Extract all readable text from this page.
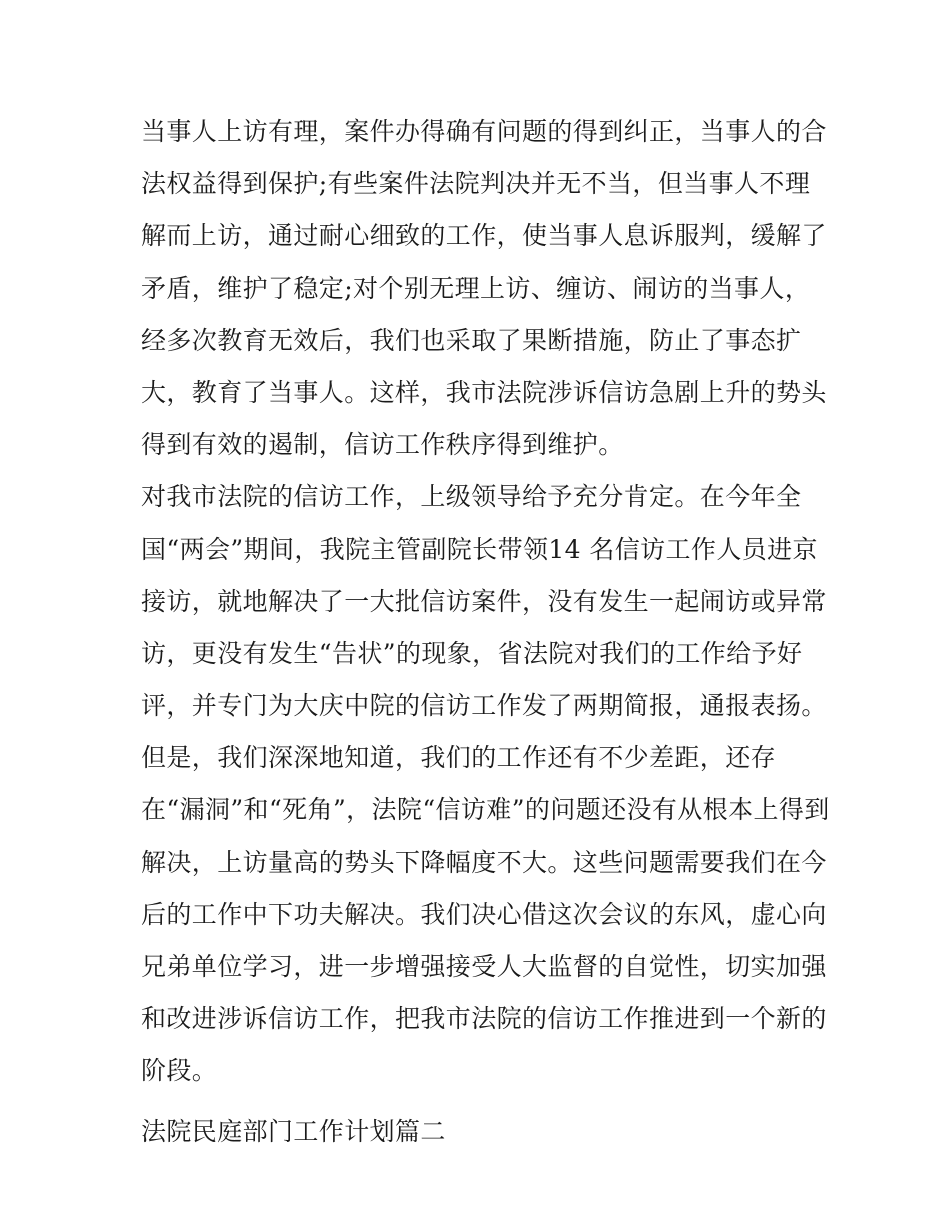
当事人上访有理，案件办得确有问题的得到纠正，当事人的合
法权益得到保护;有些案件法院判决并无不当，但当事人不理
解而上访，通过耐心细致的工作，使当事人息诉服判，缓解了
矛盾，维护了稳定;对个别无理上访、缠访、闹访的当事人，
经多次教育无效后，我们也采取了果断措施，防止了事态扩
大，教育了当事人。这样，我市法院涉诉信访急剧上升的势头
得到有效的遏制，信访工作秩序得到维护。
对我市法院的信访工作，上级领导给予充分肯定。在今年全
国“两会”期间，我院主管副院长带领14 名信访工作人员进京
接访，就地解决了一大批信访案件，没有发生一起闹访或异常
访，更没有发生“告状”的现象，省法院对我们的工作给予好
评，并专门为大庆中院的信访工作发了两期简报，通报表扬。
但是，我们深深地知道，我们的工作还有不少差距，还存
在“漏洞”和“死角”，法院“信访难”的问题还没有从根本上得到
解决，上访量高的势头下降幅度不大。这些问题需要我们在今
后的工作中下功夫解决。我们决心借这次会议的东风，虚心向
兄弟单位学习，进一步增强接受人大监督的自觉性，切实加强
和改进涉诉信访工作，把我市法院的信访工作推进到一个新的
阶段。
法院民庭部门工作计划篇二
